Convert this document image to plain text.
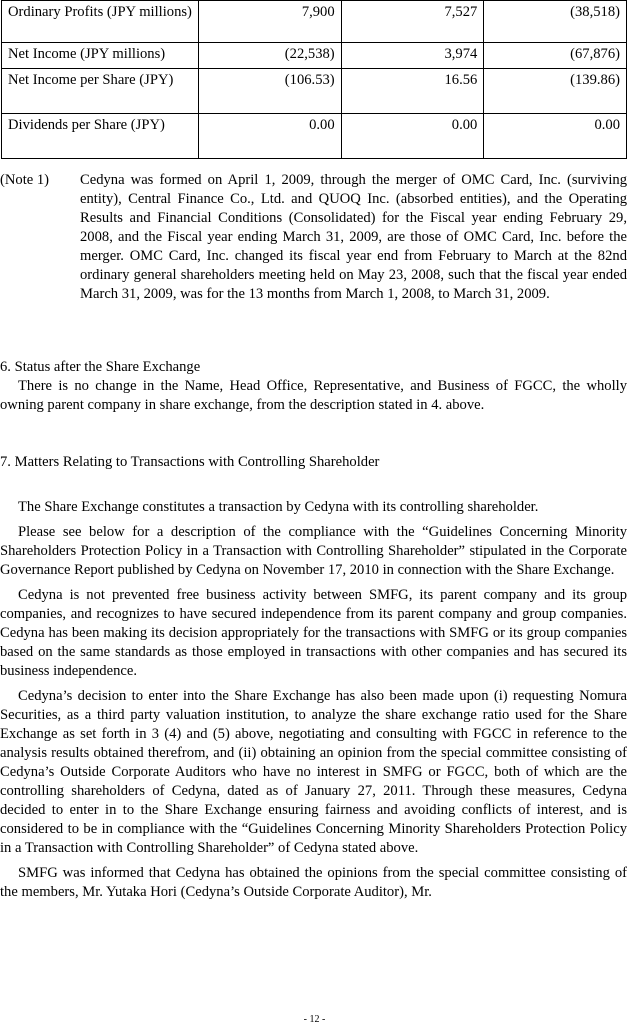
Ordinary Profits (JPY millions)	7,900	7,527	(38,518)
Net Income (JPY millions)	(22,538)	3,974	(67,876)
Net Income per Share (JPY)	(106.53)	16.56	(139.86)
Dividends per Share (JPY)	0.00	0.00	0.00
(Note 1)	Cedyna was formed on April 1, 2009, through the merger of OMC Card, Inc. (surviving entity), Central Finance Co., Ltd. and QUOQ Inc. (absorbed entities), and the Operating Results and Financial Conditions (Consolidated) for the Fiscal year ending February 29, 2008, and the Fiscal year ending March 31, 2009, are those of OMC Card, Inc. before the merger. OMC Card, Inc. changed its fiscal year end from February to March at the 82nd ordinary general shareholders meeting held on May 23, 2008, such that the fiscal year ended March 31, 2009, was for the 13 months from March 1, 2008, to March 31, 2009.
6. Status after the Share Exchange

There is no change in the Name, Head Office, Representative, and Business of FGCC, the wholly owning parent company in share exchange, from the description stated in 4. above.

7. Matters Relating to Transactions with Controlling Shareholder

The Share Exchange constitutes a transaction by Cedyna with its controlling shareholder.

Please see below for a description of the compliance with the “Guidelines Concerning Minority Shareholders Protection Policy in a Transaction with Controlling Shareholder” stipulated in the Corporate Governance Report published by Cedyna on November 17, 2010 in connection with the Share Exchange.

Cedyna is not prevented free business activity between SMFG, its parent company and its group companies, and recognizes to have secured independence from its parent company and group companies. Cedyna has been making its decision appropriately for the transactions with SMFG or its group companies based on the same standards as those employed in transactions with other companies and has secured its business independence.

Cedyna’s decision to enter into the Share Exchange has also been made upon (i) requesting Nomura Securities, as a third party valuation institution, to analyze the share exchange ratio used for the Share Exchange as set forth in 3 (4) and (5) above, negotiating and consulting with FGCC in reference to the analysis results obtained therefrom, and (ii) obtaining an opinion from the special committee consisting of Cedyna’s Outside Corporate Auditors who have no interest in SMFG or FGCC, both of which are the controlling shareholders of Cedyna, dated as of January 27, 2011. Through these measures, Cedyna decided to enter in to the Share Exchange ensuring fairness and avoiding conflicts of interest, and is considered to be in compliance with the “Guidelines Concerning Minority Shareholders Protection Policy in a Transaction with Controlling Shareholder” of Cedyna stated above.

SMFG was informed that Cedyna has obtained the opinions from the special committee consisting of the members, Mr. Yutaka Hori (Cedyna’s Outside Corporate Auditor), Mr.

- 12 -
